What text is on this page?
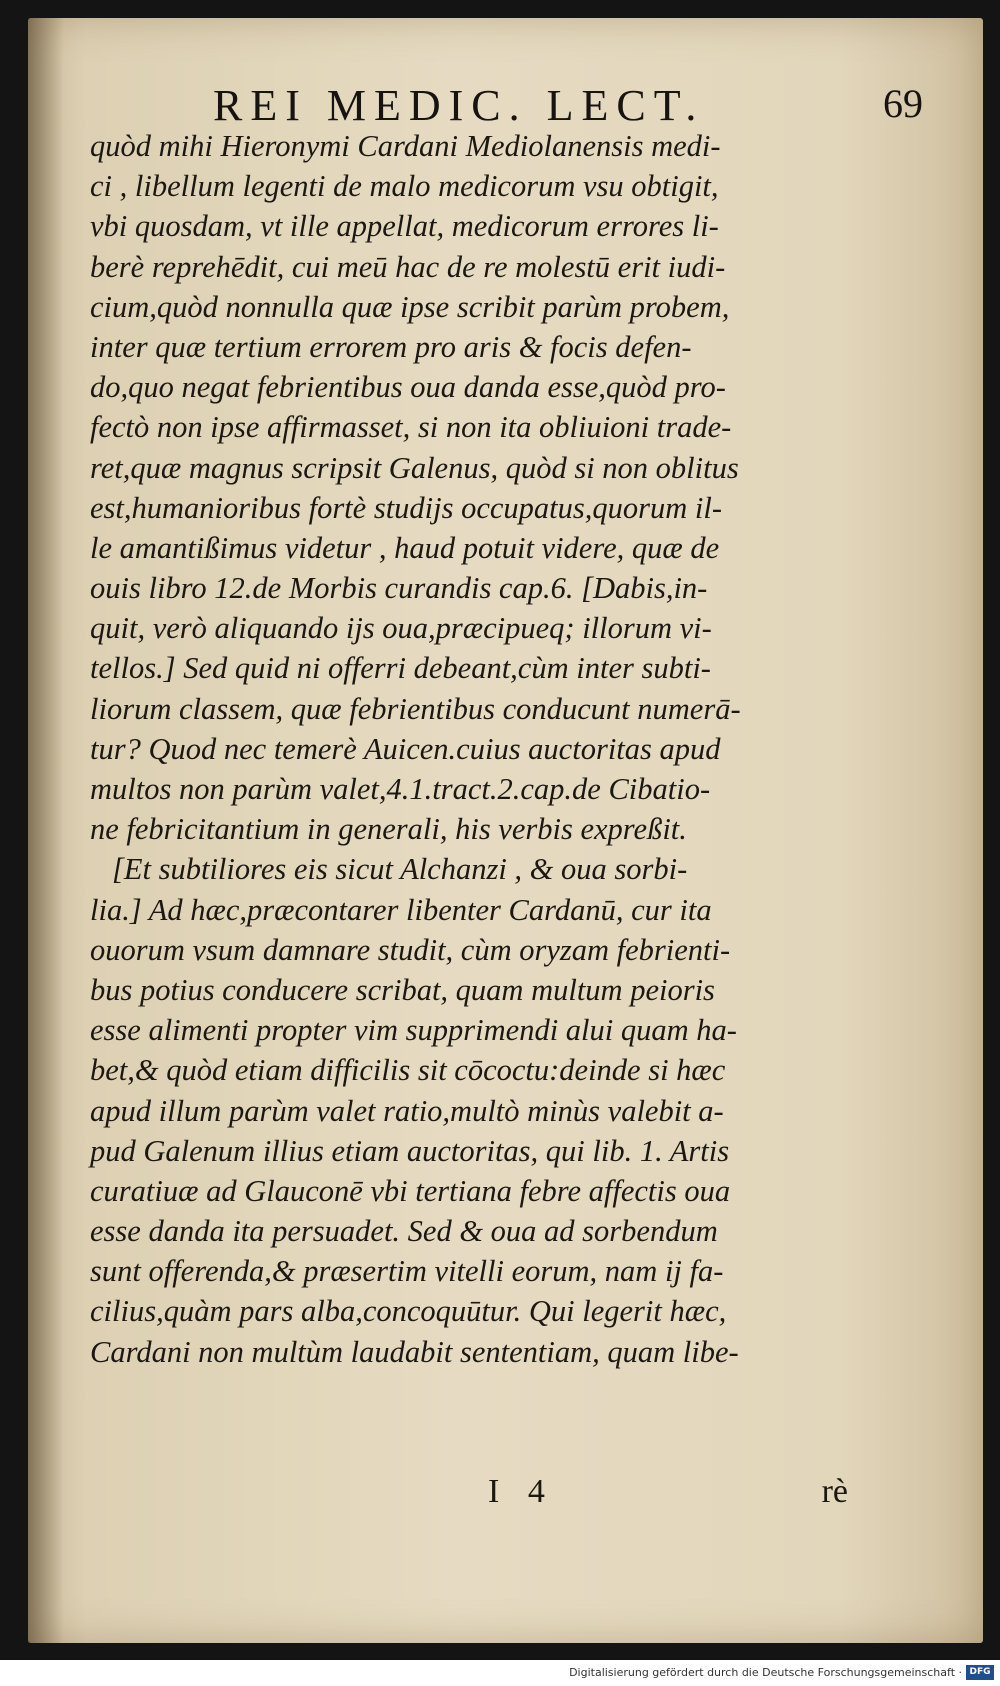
REI MEDIC. LECT.	69
quòd mihi Hieronymi Cardani Mediolanensis medi-
ci , libellum legenti de malo medicorum vsu obtigit,
vbi quosdam, vt ille appellat, medicorum errores li-
berè reprehēdit, cui meū hac de re molestū erit iudi-
cium,quòd nonnulla quæ ipse scribit parùm probem,
inter quæ tertium errorem pro aris & focis defen-
do,quo negat febrientibus oua danda esse,quòd pro-
fectò non ipse affirmasset, si non ita obliuioni trade-
ret,quæ magnus scripsit Galenus, quòd si non oblitus
est,humanioribus fortè studijs occupatus,quorum il-
le amantißimus videtur , haud potuit videre, quæ de
ouis libro 12.de Morbis curandis cap.6. [Dabis,in-
quit, verò aliquando ijs oua,præcipueq; illorum vi-
tellos.] Sed quid ni offerri debeant,cùm inter subti-
liorum classem, quæ febrientibus conducunt numerā-
tur? Quod nec temerè Auicen.cuius auctoritas apud
multos non parùm valet,4.1.tract.2.cap.de Cibatio-
ne febricitantium in generali, his verbis expreßit.
[Et subtiliores eis sicut Alchanzi , & oua sorbi-
lia.] Ad hæc,præcontarer libenter Cardanū, cur ita
ouorum vsum damnare studit, cùm oryzam febrienti-
bus potius conducere scribat, quam multum peioris
esse alimenti propter vim supprimendi alui quam ha-
bet,& quòd etiam difficilis sit cōcoctu:deinde si hæc
apud illum parùm valet ratio,multò minùs valebit a-
pud Galenum illius etiam auctoritas, qui lib. 1. Artis
curatiuæ ad Glauconē vbi tertiana febre affectis oua
esse danda ita persuadet. Sed & oua ad sorbendum
sunt offerenda,& præsertim vitelli eorum, nam ij fa-
cilius,quàm pars alba,concoquūtur. Qui legerit hæc,
Cardani non multùm laudabit sententiam, quam libe-
I 4	rè
Digitalisierung gefördert durch die Deutsche Forschungsgemeinschaft · DFG
